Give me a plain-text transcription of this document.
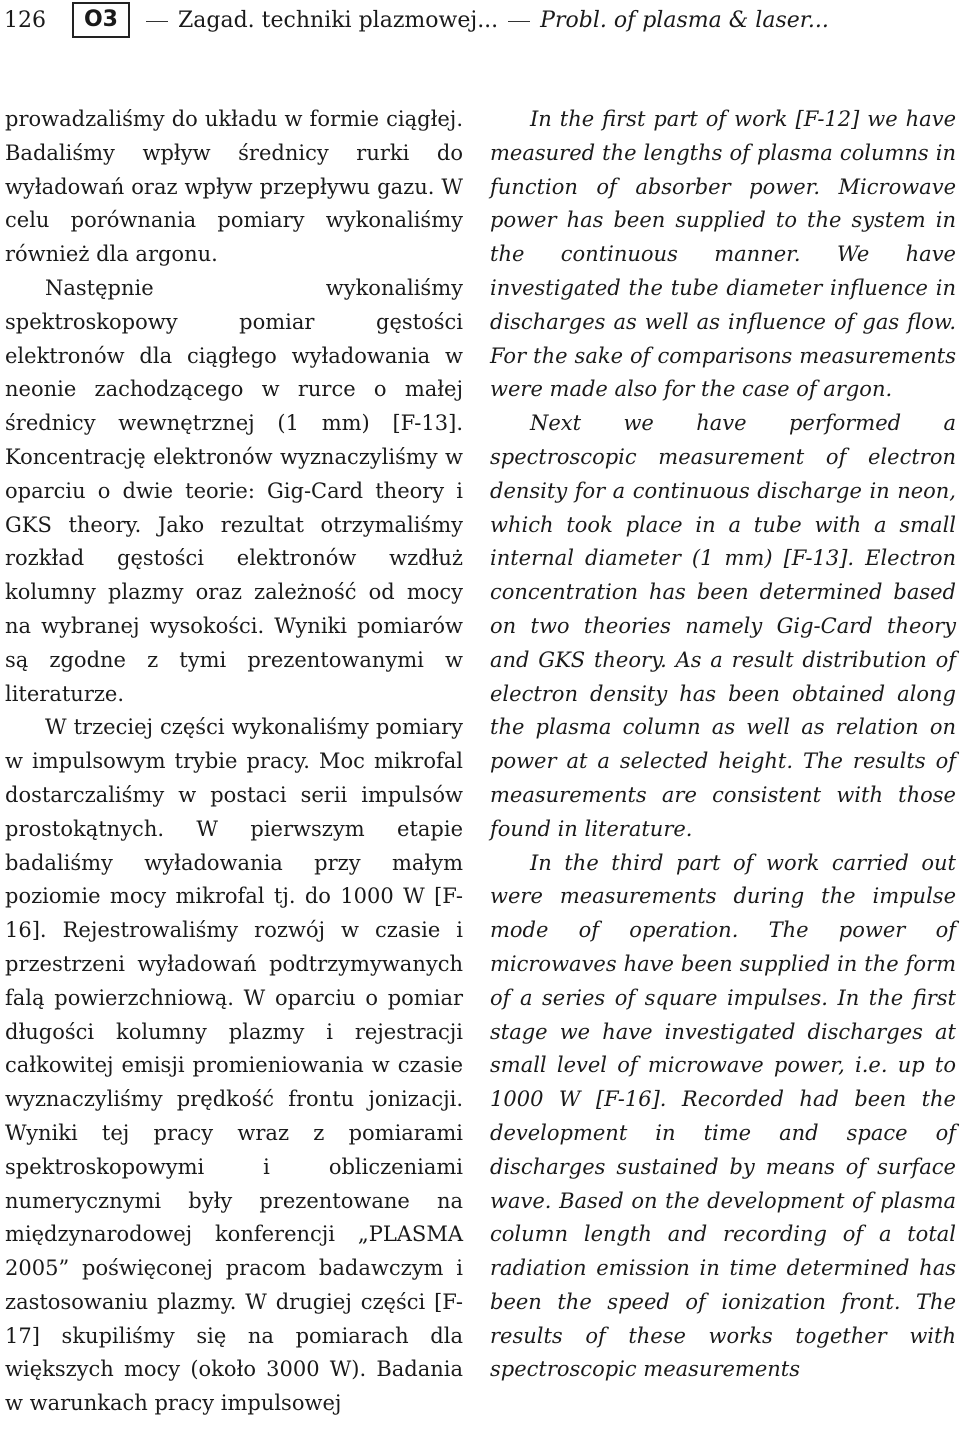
126	O3	Zagad. techniki plazmowej... Probl. of plasma & laser...

prowadzaliśmy do układu w formie ciągłej. Badaliśmy wpływ średnicy rurki do wyładowań oraz wpływ przepływu gazu. W celu porównania pomiary wykonaliśmy również dla argonu.

Następnie wykonaliśmy spektroskopowy pomiar gęstości elektronów dla ciągłego wyładowania w neonie zachodzącego w rurce o małej średnicy wewnętrznej (1 mm) [F-13]. Koncentrację elektronów wyznaczyliśmy w oparciu o dwie teorie: Gig-Card theory i GKS theory. Jako rezultat otrzymaliśmy rozkład gęstości elektronów wzdłuż kolumny plazmy oraz zależność od mocy na wybranej wysokości. Wyniki pomiarów są zgodne z tymi prezentowanymi w literaturze.

W trzeciej części wykonaliśmy pomiary w impulsowym trybie pracy. Moc mikrofal dostarczaliśmy w postaci serii impulsów prostokątnych. W pierwszym etapie badaliśmy wyładowania przy małym poziomie mocy mikrofal tj. do 1000 W [F-16]. Rejestrowaliśmy rozwój w czasie i przestrzeni wyładowań podtrzymywanych falą powierzchniową. W oparciu o pomiar długości kolumny plazmy i rejestracji całkowitej emisji promieniowania w czasie wyznaczyliśmy prędkość frontu jonizacji. Wyniki tej pracy wraz z pomiarami spektroskopowymi i obliczeniami numerycznymi były prezentowane na międzynarodowej konferencji „PLASMA 2005” poświęconej pracom badawczym i zastosowaniu plazmy. W drugiej części [F-17] skupiliśmy się na pomiarach dla większych mocy (około 3000 W). Badania w warunkach pracy impulsowej

In the first part of work [F-12] we have measured the lengths of plasma columns in function of absorber power. Microwave power has been supplied to the system in the continuous manner. We have investigated the tube diameter influence in discharges as well as influence of gas flow. For the sake of comparisons measurements were made also for the case of argon.

Next we have performed a spectroscopic measurement of electron density for a continuous discharge in neon, which took place in a tube with a small internal diameter (1 mm) [F-13]. Electron concentration has been determined based on two theories namely Gig-Card theory and GKS theory. As a result distribution of electron density has been obtained along the plasma column as well as relation on power at a selected height. The results of measurements are consistent with those found in literature.

In the third part of work carried out were measurements during the impulse mode of operation. The power of microwaves have been supplied in the form of a series of square impulses. In the first stage we have investigated discharges at small level of microwave power, i.e. up to 1000 W [F-16]. Recorded had been the development in time and space of discharges sustained by means of surface wave. Based on the development of plasma column length and recording of a total radiation emission in time determined has been the speed of ionization front. The results of these works together with spectroscopic measurements
